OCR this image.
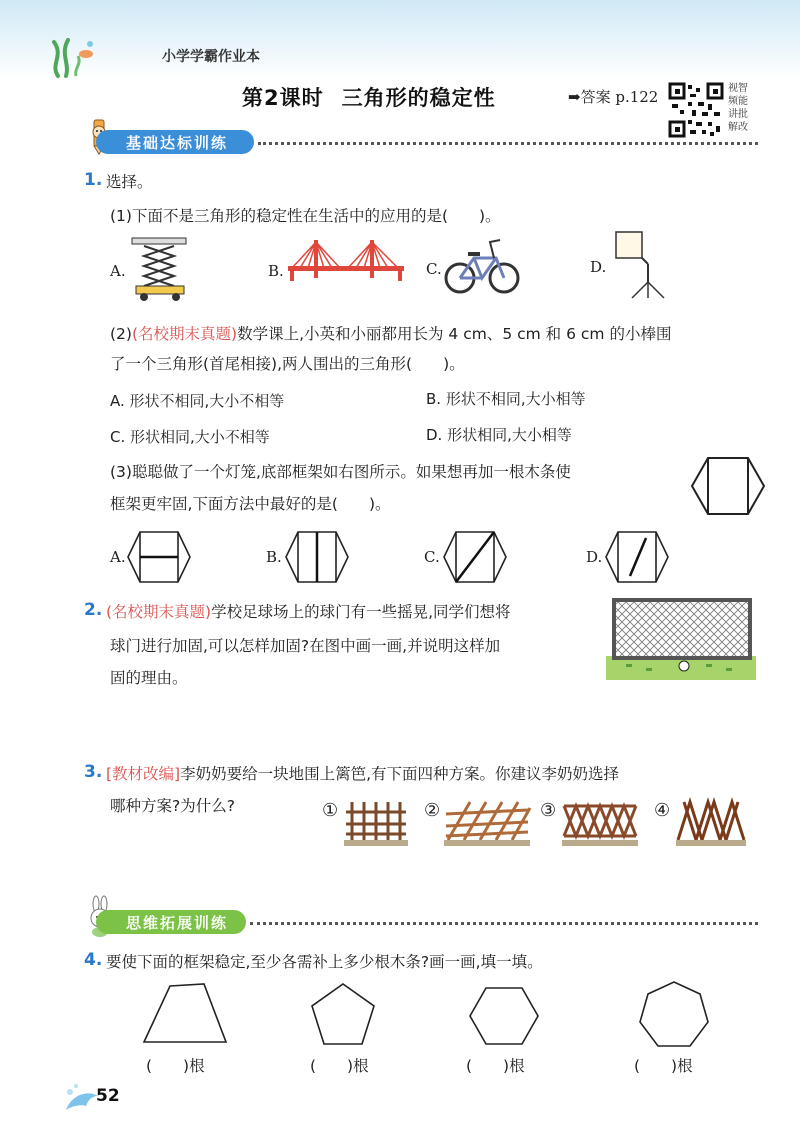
小学学霸作业本
第2课时 三角形的稳定性	➡答案 p.122	视智
频能
讲批
解改
基础达标训练
1. 选择。
(1)下面不是三角形的稳定性在生活中的应用的是(　　)。
A.	B.	C.	D.
(2)(名校期末真题)数学课上,小英和小丽都用长为 4 cm、5 cm 和 6 cm 的小棒围
了一个三角形(首尾相接),两人围出的三角形(　　)。
A. 形状不相同,大小不相等	B. 形状不相同,大小相等
C. 形状相同,大小不相等	D. 形状相同,大小相等
(3)聪聪做了一个灯笼,底部框架如右图所示。如果想再加一根木条使
框架更牢固,下面方法中最好的是(　　)。
A.	B.	C.	D.
2. (名校期末真题)学校足球场上的球门有一些摇晃,同学们想将
球门进行加固,可以怎样加固?在图中画一画,并说明这样加
固的理由。
3. [教材改编]李奶奶要给一块地围上篱笆,有下面四种方案。你建议李奶奶选择
哪种方案?为什么?	①	②	③	④
思维拓展训练
4. 要使下面的框架稳定,至少各需补上多少根木条?画一画,填一填。
(　　)根	(　　)根	(　　)根	(　　)根
52
